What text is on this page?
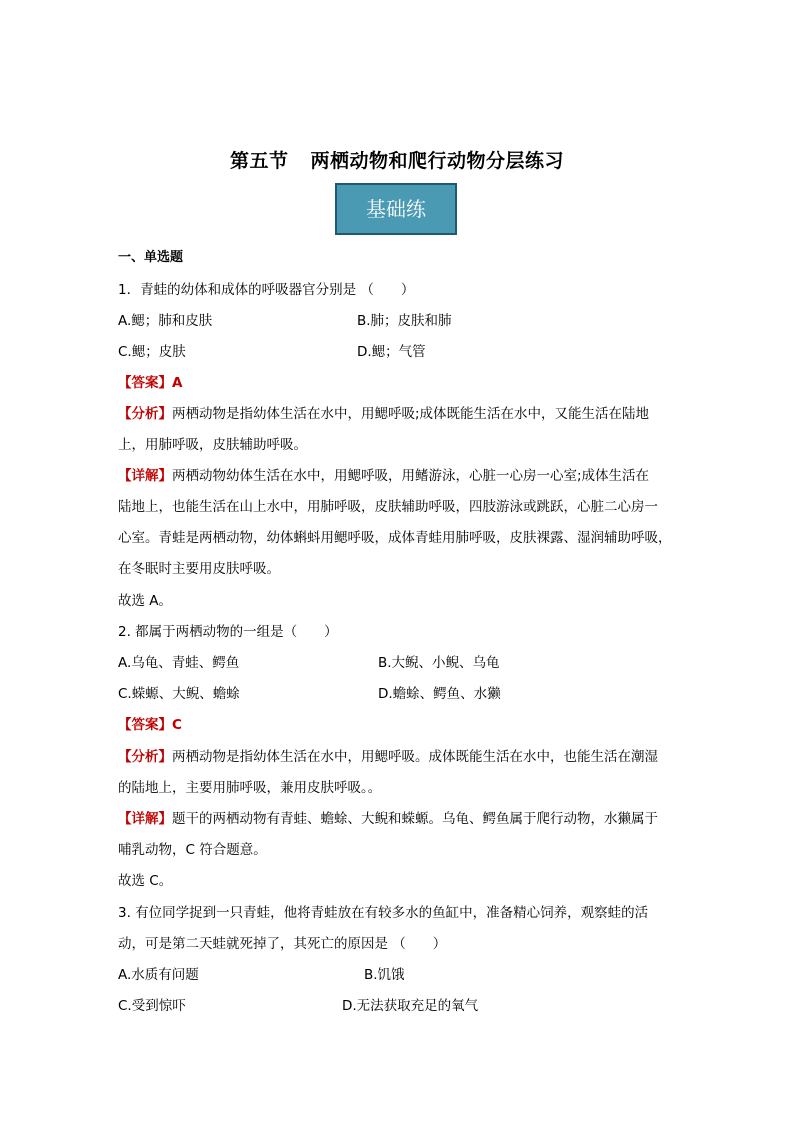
第五节 两栖动物和爬行动物分层练习
基础练
一、单选题
1．青蛙的幼体和成体的呼吸器官分别是 （　　）
A.鳃；肺和皮肤	B.肺；皮肤和肺
C.鳃；皮肤	D.鳃；气管
【答案】A
【分析】两栖动物是指幼体生活在水中，用鳃呼吸;成体既能生活在水中，又能生活在陆地
上，用肺呼吸，皮肤辅助呼吸。
【详解】两栖动物幼体生活在水中，用鳃呼吸，用鳍游泳，心脏一心房一心室;成体生活在
陆地上，也能生活在山上水中，用肺呼吸，皮肤辅助呼吸，四肢游泳或跳跃，心脏二心房一
心室。青蛙是两栖动物，幼体蝌蚪用鳃呼吸，成体青蛙用肺呼吸，皮肤裸露、湿润辅助呼吸，
在冬眠时主要用皮肤呼吸。
故选 A。
2. 都属于两栖动物的一组是（　　）
A.乌龟、青蛙、鳄鱼	B.大鲵、小鲵、乌龟
C.蝾螈、大鲵、蟾蜍	D.蟾蜍、鳄鱼、水獭
【答案】C
【分析】两栖动物是指幼体生活在水中，用鳃呼吸。成体既能生活在水中，也能生活在潮湿
的陆地上，主要用肺呼吸，兼用皮肤呼吸。。
【详解】题干的两栖动物有青蛙、蟾蜍、大鲵和蝾螈。乌龟、鳄鱼属于爬行动物，水獭属于
哺乳动物，C 符合题意。
故选 C。
3. 有位同学捉到一只青蛙，他将青蛙放在有较多水的鱼缸中，准备精心饲养，观察蛙的活
动，可是第二天蛙就死掉了，其死亡的原因是 （　　）
A.水质有问题	B.饥饿
C.受到惊吓	D.无法获取充足的氧气
